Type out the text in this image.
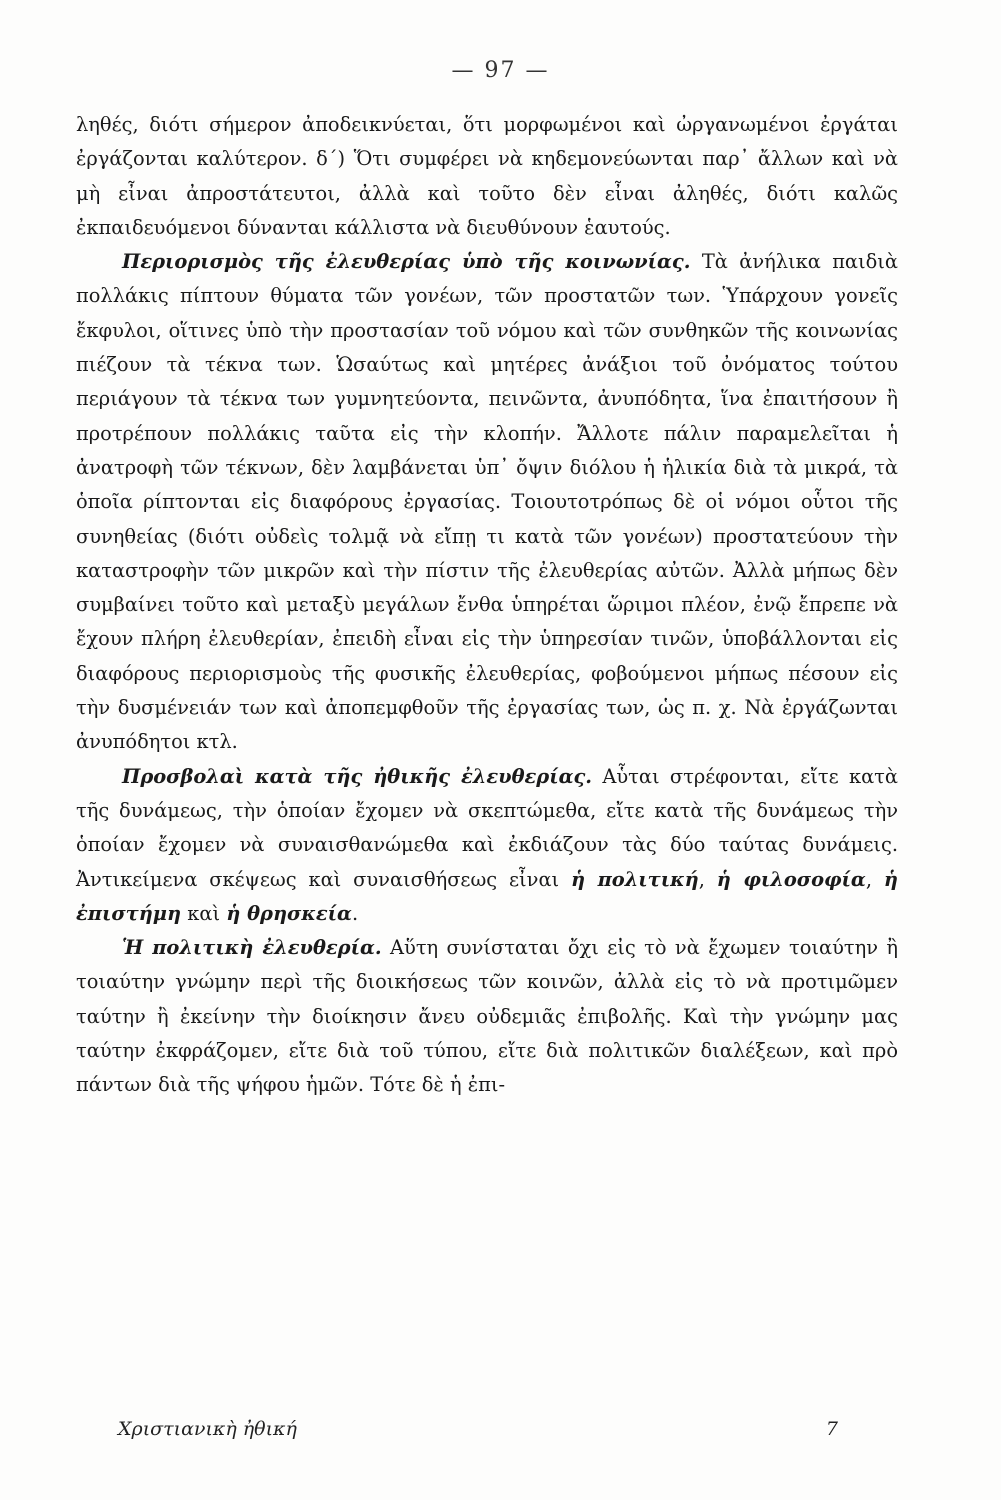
— 97 —

ληθές, διότι σήμερον ἀποδεικνύεται, ὅτι μορφωμένοι καὶ ὠργανωμένοι ἐργάται ἐργάζονται καλύτερον. δ΄) Ὅτι συμφέρει νὰ κηδεμονεύωνται παρ᾿ ἄλλων καὶ νὰ μὴ εἶναι ἀπροστάτευτοι, ἀλλὰ καὶ τοῦτο δὲν εἶναι ἀληθές, διότι καλῶς ἐκπαιδευόμενοι δύνανται κάλλιστα νὰ διευθύνουν ἑαυτούς.

Περιορισμὸς τῆς ἐλευθερίας ὑπὸ τῆς κοινωνίας. Τὰ ἀνήλικα παιδιὰ πολλάκις πίπτουν θύματα τῶν γονέων, τῶν προστατῶν των. Ὑπάρχουν γονεῖς ἔκφυλοι, οἵτινες ὑπὸ τὴν προστασίαν τοῦ νόμου καὶ τῶν συνθηκῶν τῆς κοινωνίας πιέζουν τὰ τέκνα των. Ὡσαύτως καὶ μητέρες ἀνάξιοι τοῦ ὀνόματος τούτου περιάγουν τὰ τέκνα των γυμνητεύοντα, πεινῶντα, ἀνυπόδητα, ἵνα ἐπαιτήσουν ἢ προτρέπουν πολλάκις ταῦτα εἰς τὴν κλοπήν. Ἄλλοτε πάλιν παραμελεῖται ἡ ἀνατροφὴ τῶν τέκνων, δὲν λαμβάνεται ὑπ᾿ ὄψιν διόλου ἡ ἡλικία διὰ τὰ μικρά, τὰ ὁποῖα ρίπτονται εἰς διαφόρους ἐργασίας. Τοιουτοτρόπως δὲ οἱ νόμοι οὗτοι τῆς συνηθείας (διότι οὐδεὶς τολμᾷ νὰ εἴπῃ τι κατὰ τῶν γονέων) προστατεύουν τὴν καταστροφὴν τῶν μικρῶν καὶ τὴν πίστιν τῆς ἐλευθερίας αὐτῶν. Ἀλλὰ μήπως δὲν συμβαίνει τοῦτο καὶ μεταξὺ μεγάλων ἔνθα ὑπηρέται ὥριμοι πλέον, ἐνῷ ἔπρεπε νὰ ἔχουν πλήρη ἐλευθερίαν, ἐπειδὴ εἶναι εἰς τὴν ὑπηρεσίαν τινῶν, ὑποβάλλονται εἰς διαφόρους περιορισμοὺς τῆς φυσικῆς ἐλευθερίας, φοβούμενοι μήπως πέσουν εἰς τὴν δυσμένειάν των καὶ ἀποπεμφθοῦν τῆς ἐργασίας των, ὡς π. χ. Νὰ ἐργάζωνται ἀνυπόδητοι κτλ.

Προσβολαὶ κατὰ τῆς ἠθικῆς ἐλευθερίας. Αὗται στρέφονται, εἴτε κατὰ τῆς δυνάμεως, τὴν ὁποίαν ἔχομεν νὰ σκεπτώμεθα, εἴτε κατὰ τῆς δυνάμεως τὴν ὁποίαν ἔχομεν νὰ συναισθανώμεθα καὶ ἐκδιάζουν τὰς δύο ταύτας δυνάμεις. Ἀντικείμενα σκέψεως καὶ συναισθήσεως εἶναι ἡ πολιτική, ἡ φιλοσοφία, ἡ ἐπιστήμη καὶ ἡ θρησκεία.

Ἡ πολιτικὴ ἐλευθερία. Αὕτη συνίσταται ὄχι εἰς τὸ νὰ ἔχωμεν τοιαύτην ἢ τοιαύτην γνώμην περὶ τῆς διοικήσεως τῶν κοινῶν, ἀλλὰ εἰς τὸ νὰ προτιμῶμεν ταύτην ἢ ἐκείνην τὴν διοίκησιν ἄνευ οὐδεμιᾶς ἐπιβολῆς. Καὶ τὴν γνώμην μας ταύτην ἐκφράζομεν, εἴτε διὰ τοῦ τύπου, εἴτε διὰ πολιτικῶν διαλέξεων, καὶ πρὸ πάντων διὰ τῆς ψήφου ἡμῶν. Τότε δὲ ἡ ἐπι-

Χριστιανικὴ ἠθική	7
